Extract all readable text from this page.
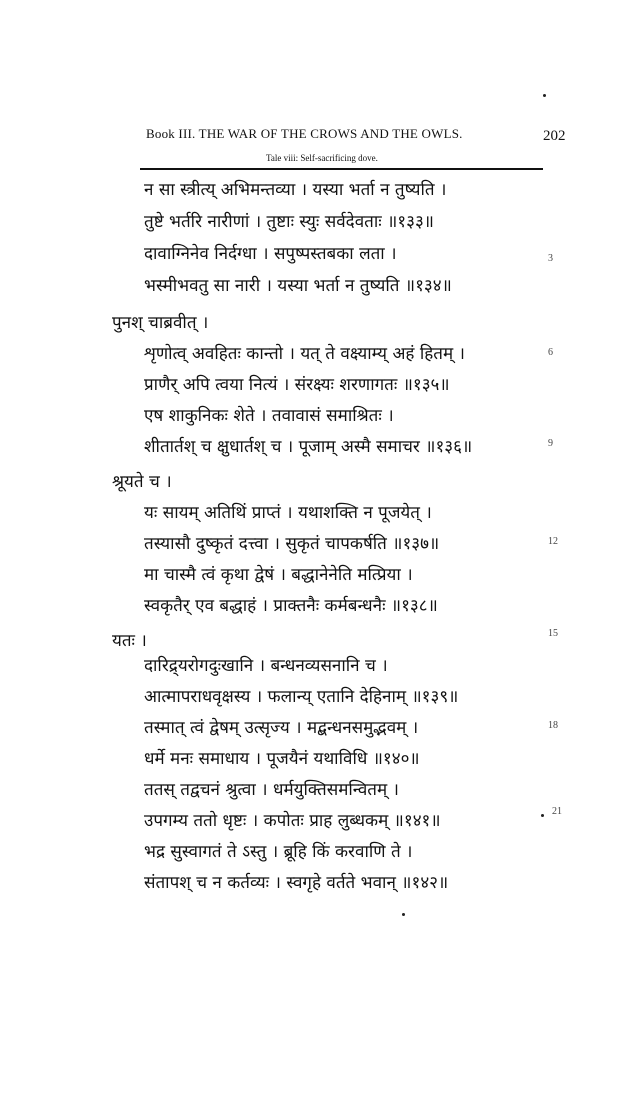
Book III. THE WAR OF THE CROWS AND THE OWLS.	202
Tale viii: Self-sacrificing dove.
न सा स्त्रीत्य् अभिमन्तव्या । यस्या भर्ता न तुष्यति ।
तुष्टे भर्तरि नारीणां । तुष्टाः स्युः सर्वदेवताः ॥१३३॥
दावाग्निनेव निर्दग्धा । सपुष्पस्तबका लता ।
भस्मीभवतु सा नारी । यस्या भर्ता न तुष्यति ॥१३४॥
पुनश् चाब्रवीत् ।
शृणोत्व् अवहितः कान्तो । यत् ते वक्ष्याम्य् अहं हितम् ।
प्राणैर् अपि त्वया नित्यं । संरक्ष्यः शरणागतः ॥१३५॥
एष शाकुनिकः शेते । तवावासं समाश्रितः ।
शीतार्तश् च क्षुधार्तश् च । पूजाम् अस्मै समाचर ॥१३६॥
श्रूयते च ।
यः सायम् अतिथिं प्राप्तं । यथाशक्ति न पूजयेत् ।
तस्यासौ दुष्कृतं दत्त्वा । सुकृतं चापकर्षति ॥१३७॥
मा चास्मै त्वं कृथा द्वेषं । बद्धानेनेति मत्प्रिया ।
स्वकृतैर् एव बद्धाहं । प्राक्तनैः कर्मबन्धनैः ॥१३८॥
यतः ।
दारिद्र्यरोगदुःखानि । बन्धनव्यसनानि च ।
आत्मापराधवृक्षस्य । फलान्य् एतानि देहिनाम् ॥१३९॥
तस्मात् त्वं द्वेषम् उत्सृज्य । मद्बन्धनसमुद्भवम् ।
धर्मे मनः समाधाय । पूजयैनं यथाविधि ॥१४०॥
ततस् तद्वचनं श्रुत्वा । धर्मयुक्तिसमन्वितम् ।
उपगम्य ततो धृष्टः । कपोतः प्राह लुब्धकम् ॥१४१॥
भद्र सुस्वागतं ते ऽस्तु । ब्रूहि किं करवाणि ते ।
संतापश् च न कर्तव्यः । स्वगृहे वर्तते भवान् ॥१४२॥
3
6
9
12
15
18
21
